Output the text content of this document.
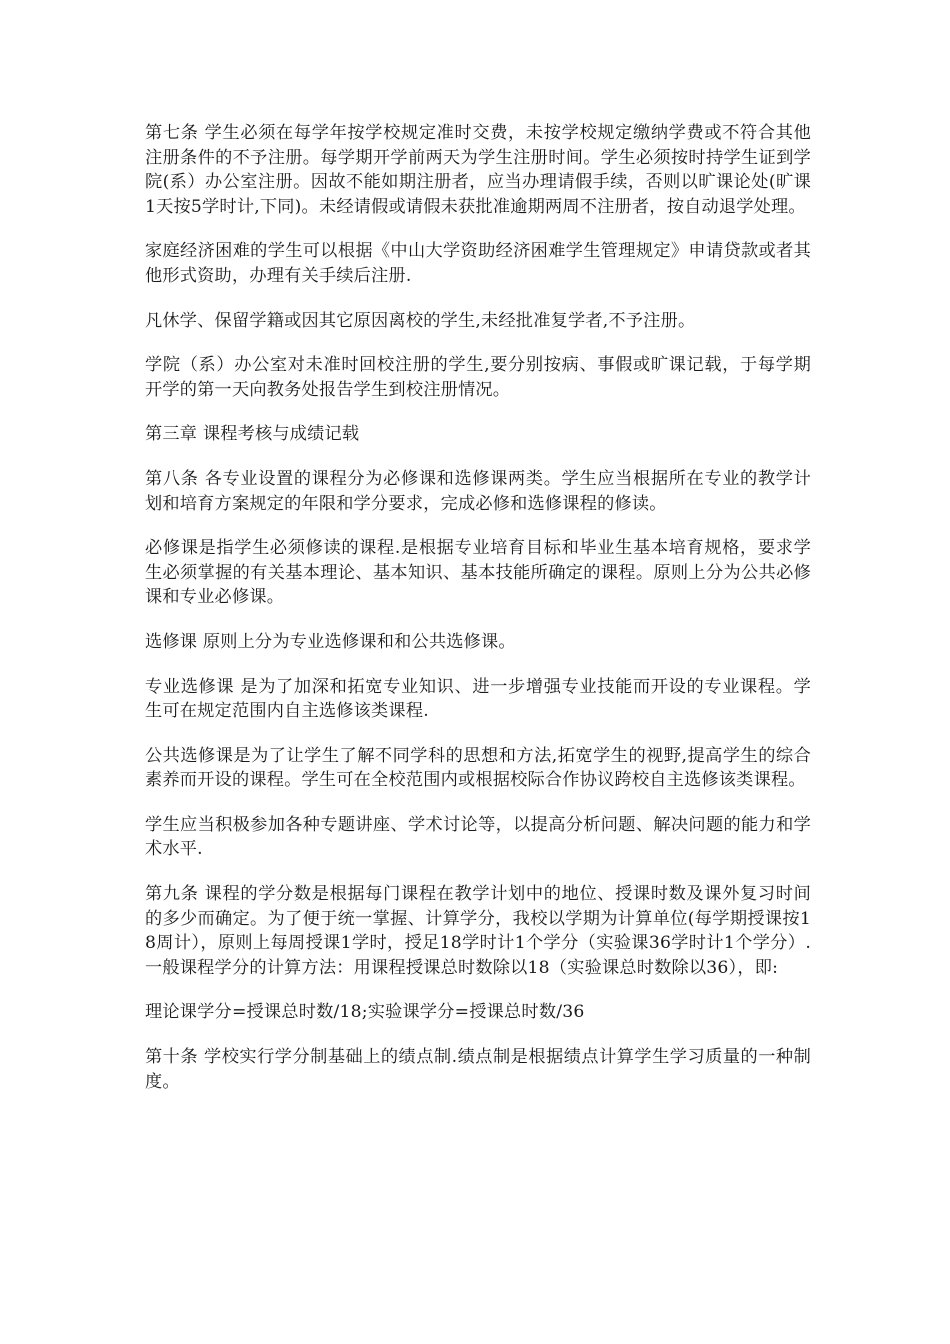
第七条 学生必须在每学年按学校规定准时交费，未按学校规定缴纳学费或不符合其他注册条件的不予注册。每学期开学前两天为学生注册时间。学生必须按时持学生证到学院(系）办公室注册。因故不能如期注册者，应当办理请假手续，否则以旷课论处(旷课1天按5学时计,下同)。未经请假或请假未获批准逾期两周不注册者，按自动退学处理。

家庭经济困难的学生可以根据《中山大学资助经济困难学生管理规定》申请贷款或者其他形式资助，办理有关手续后注册.

凡休学、保留学籍或因其它原因离校的学生,未经批准复学者,不予注册。

学院（系）办公室对未准时回校注册的学生,要分别按病、事假或旷课记载，于每学期开学的第一天向教务处报告学生到校注册情况。

第三章 课程考核与成绩记载

第八条 各专业设置的课程分为必修课和选修课两类。学生应当根据所在专业的教学计划和培育方案规定的年限和学分要求，完成必修和选修课程的修读。

必修课是指学生必须修读的课程.是根据专业培育目标和毕业生基本培育规格，要求学生必须掌握的有关基本理论、基本知识、基本技能所确定的课程。原则上分为公共必修课和专业必修课。

选修课 原则上分为专业选修课和和公共选修课。

专业选修课 是为了加深和拓宽专业知识、进一步增强专业技能而开设的专业课程。学生可在规定范围内自主选修该类课程.

公共选修课是为了让学生了解不同学科的思想和方法,拓宽学生的视野,提高学生的综合素养而开设的课程。学生可在全校范围内或根据校际合作协议跨校自主选修该类课程。

学生应当积极参加各种专题讲座、学术讨论等，以提高分析问题、解决问题的能力和学术水平.

第九条 课程的学分数是根据每门课程在教学计划中的地位、授课时数及课外复习时间的多少而确定。为了便于统一掌握、计算学分，我校以学期为计算单位(每学期授课按18周计），原则上每周授课1学时，授足18学时计1个学分（实验课36学时计1个学分）.一般课程学分的计算方法：用课程授课总时数除以18（实验课总时数除以36），即:

理论课学分=授课总时数/18;实验课学分=授课总时数/36

第十条 学校实行学分制基础上的绩点制.绩点制是根据绩点计算学生学习质量的一种制度。
